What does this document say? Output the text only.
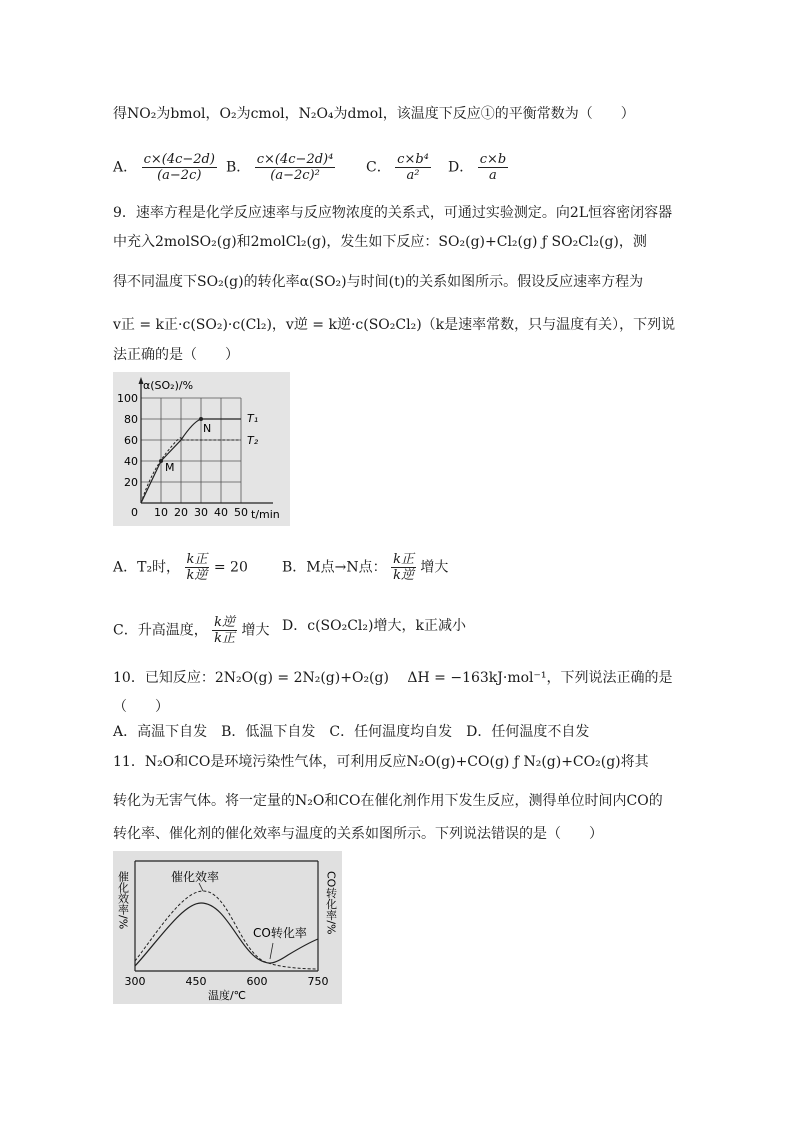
得NO₂为bmol，O₂为cmol，N₂O₄为dmol，该温度下反应①的平衡常数为（　　）
A． $\frac{c\times(4c-2d)}{(a-2c)}$ B． $\frac{\text{c×(4c−2d)⁴}}{\text{(a−2c)²}}$ C． $\frac{\text{c×b⁴}}{\text{a²}}$ D． $\frac{c\times b}{a}$
9．速率方程是化学反应速率与反应物浓度的关系式，可通过实验测定。向2L恒容密闭容器
中充入2molSO₂(g)和2molCl₂(g)，发生如下反应：SO₂(g)+Cl₂(g) ƒ SO₂Cl₂(g)，测
得不同温度下SO₂(g)的转化率α(SO₂)与时间(t)的关系如图所示。假设反应速率方程为
v正 = k正·c(SO₂)·c(Cl₂)，v逆 = k逆·c(SO₂Cl₂)（k是速率常数，只与温度有关），下列说
法正确的是（　　）
α(SO₂)/%
t/min
N
M
T₁
T₂
100
80
60
40
20
0 10 20 30 40 50
A．T₂时， $\frac{\text{k正}}{\text{k逆}} = 20$ B．M点→N点： $\frac{\text{k正}}{\text{k逆}}$ 增大
C．升高温度， $\frac{\text{k逆}}{\text{k正}}$ 增大 D．c(SO₂Cl₂)增大，k正减小
10．已知反应：2N₂O(g) = 2N₂(g)+O₂(g)　 ΔH = −163kJ·mol⁻¹，下列说法正确的是
（　　）
A．高温下自发　B．低温下自发　C．任何温度均自发　D．任何温度不自发
11．N₂O和CO是环境污染性气体，可利用反应N₂O(g)+CO(g) ƒ N₂(g)+CO₂(g)将其
转化为无害气体。将一定量的N₂O和CO在催化剂作用下发生反应，测得单位时间内CO的
转化率、催化剂的催化效率与温度的关系如图所示。下列说法错误的是（　　）
催化效率
CO转化率
催化效率/%	CO转化率/%
300	450	600	750
温度/℃
